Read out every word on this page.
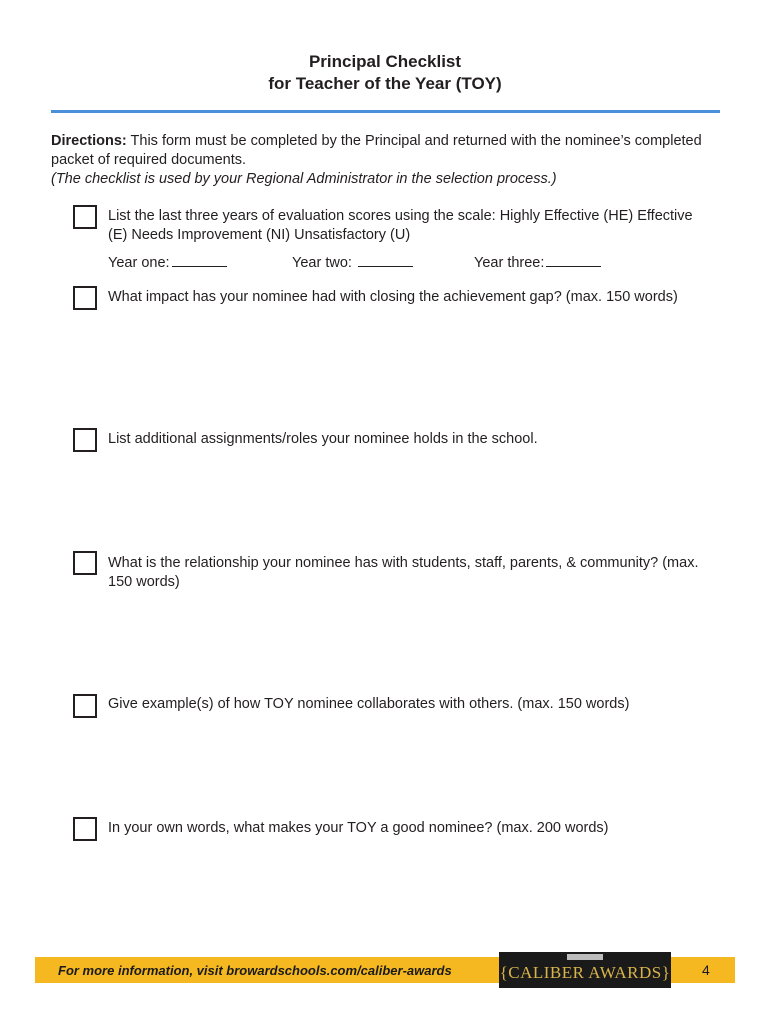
Principal Checklist
for Teacher of the Year (TOY)
Directions: This form must be completed by the Principal and returned with the nominee’s completed packet of required documents.
(The checklist is used by your Regional Administrator in the selection process.)
List the last three years of evaluation scores using the scale: Highly Effective (HE) Effective (E) Needs Improvement (NI) Unsatisfactory (U)
Year one:	Year two:	Year three:
What impact has your nominee had with closing the achievement gap? (max. 150 words)
List additional assignments/roles your nominee holds in the school.
What is the relationship your nominee has with students, staff, parents, & community? (max. 150 words)
Give example(s) of how TOY nominee collaborates with others. (max. 150 words)
In your own words, what makes your TOY a good nominee? (max. 200 words)
For more information, visit browardschools.com/caliber-awards	{CALIBER AWARDS} 4
